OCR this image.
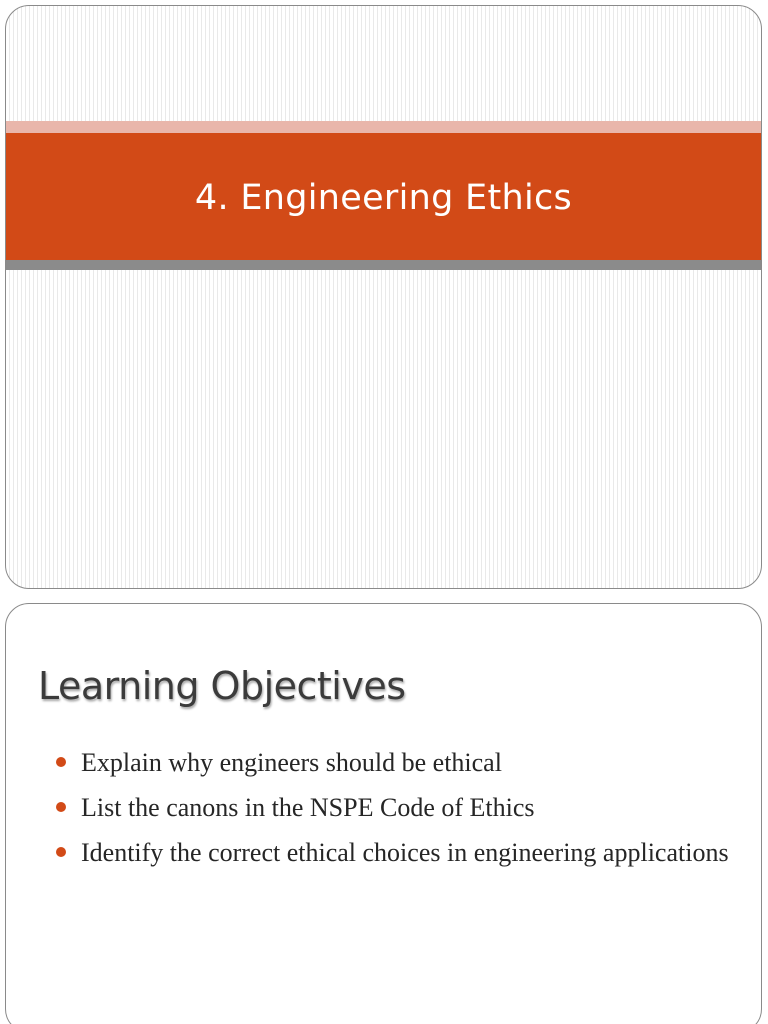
4. Engineering Ethics
Learning Objectives
Explain why engineers should be ethical
List the canons in the NSPE Code of Ethics
Identify the correct ethical choices in engineering applications
